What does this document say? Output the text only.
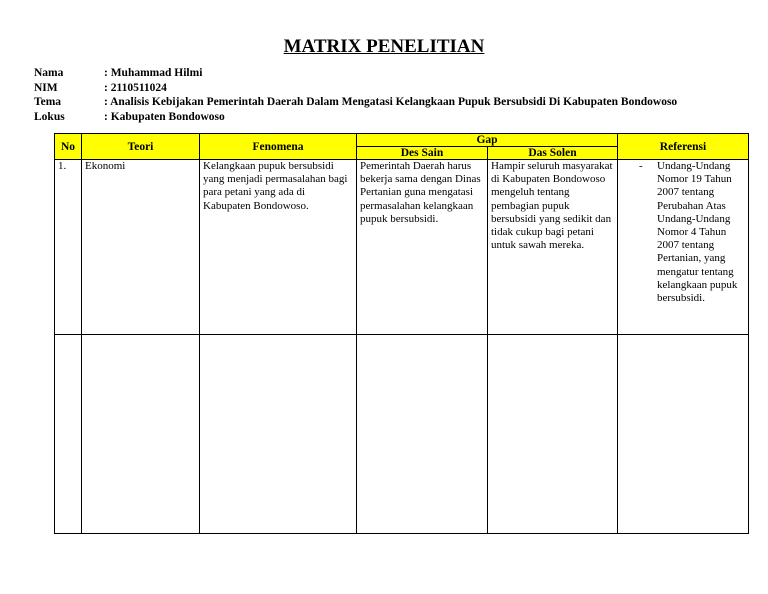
MATRIX PENELITIAN
Nama	: Muhammad Hilmi
NIM	: 2110511024
Tema	: Analisis Kebijakan Pemerintah Daerah Dalam Mengatasi Kelangkaan Pupuk Bersubsidi Di Kabupaten Bondowoso
Lokus	: Kabupaten Bondowoso
No	Teori	Fenomena	Gap		Referensi
			Des Sain	Das Solen	
1.	Ekonomi	Kelangkaan pupuk bersubsidi yang menjadi permasalahan bagi para petani yang ada di Kabupaten Bondowoso.	Pemerintah Daerah harus bekerja sama dengan Dinas Pertanian guna mengatasi permasalahan kelangkaan pupuk bersubsidi.	Hampir seluruh masyarakat di Kabupaten Bondowoso mengeluh tentang pembagian pupuk bersubsidi yang sedikit dan tidak cukup bagi petani untuk sawah mereka.	- Undang-Undang Nomor 19 Tahun 2007 tentang Perubahan Atas Undang-Undang Nomor 4 Tahun 2007 tentang Pertanian, yang mengatur tentang kelangkaan pupuk bersubsidi.
